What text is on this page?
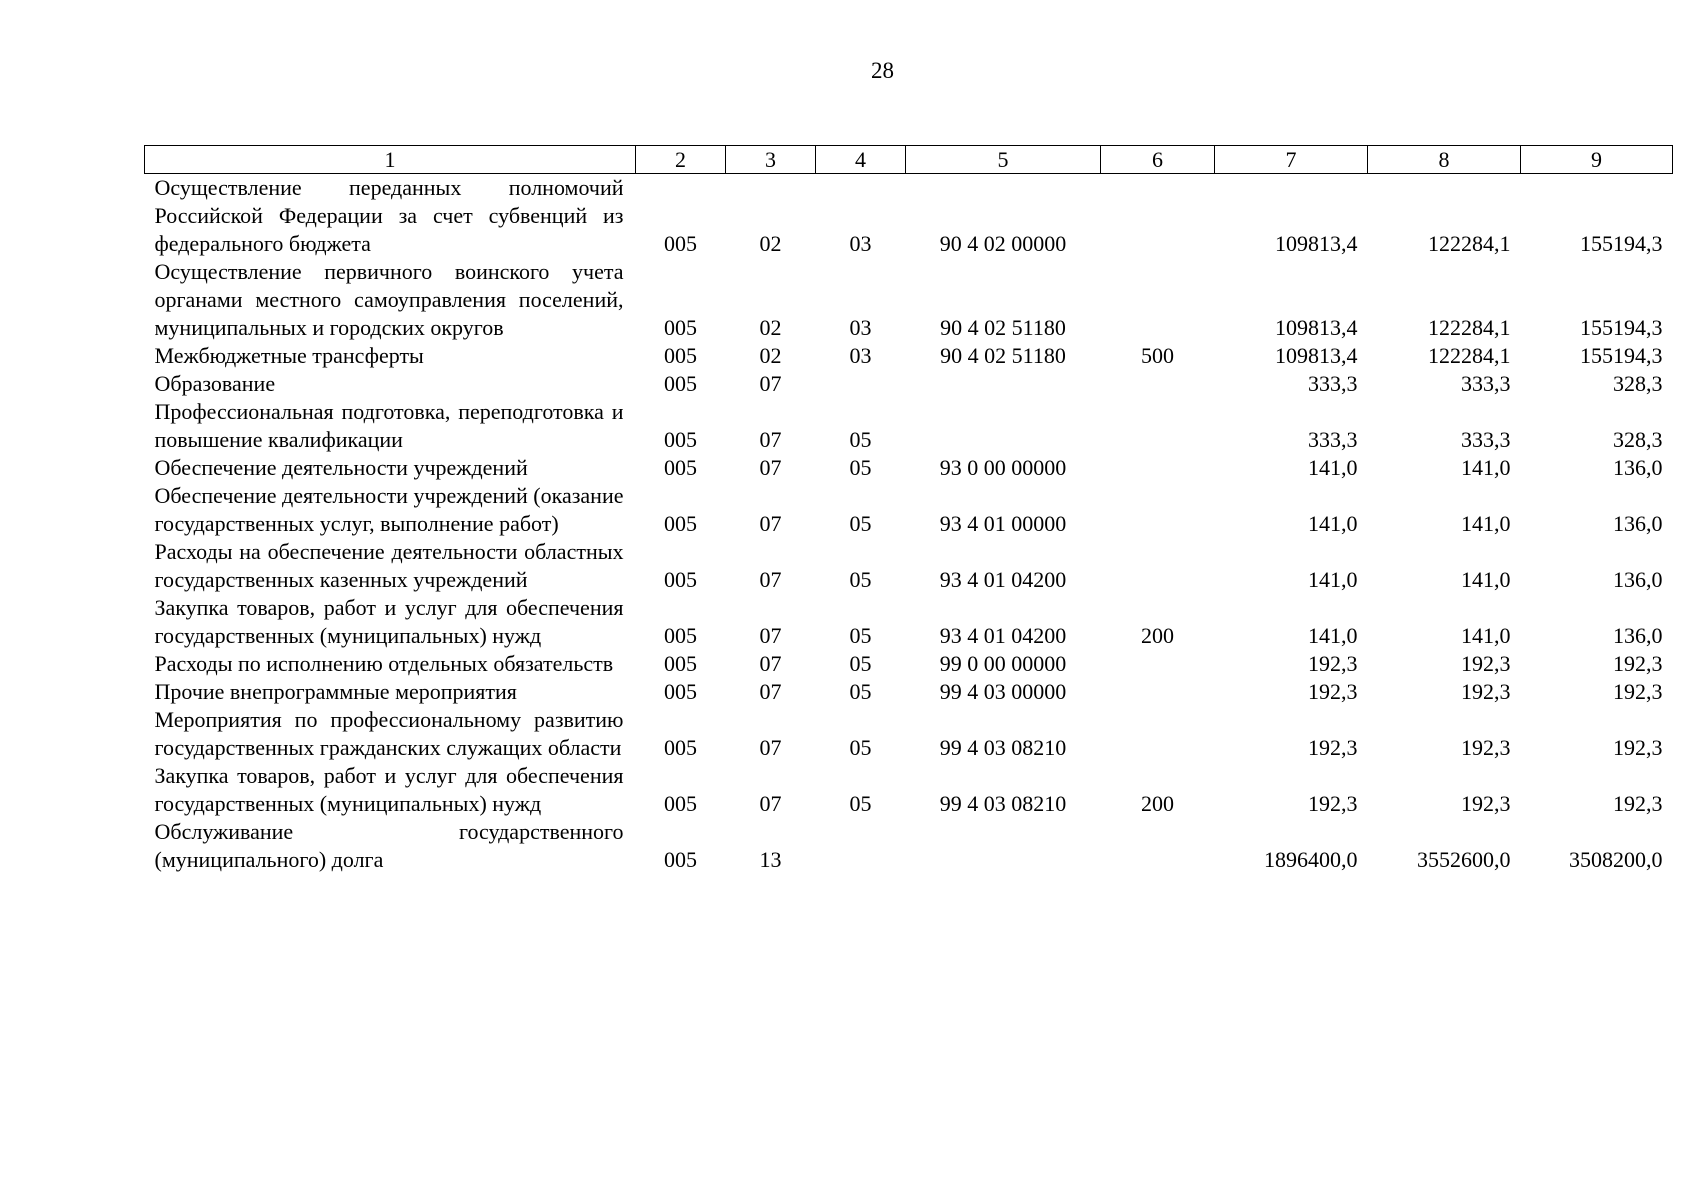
28
1	2	3	4	5	6	7	8	9
Осуществление переданных полномочий Российской Федерации за счет субвенций из федерального бюджета	005	02	03	90 4 02 00000		109813,4	122284,1	155194,3
Осуществление первичного воинского учета органами местного самоуправления поселений, муниципальных и городских округов	005	02	03	90 4 02 51180		109813,4	122284,1	155194,3
Межбюджетные трансферты	005	02	03	90 4 02 51180	500	109813,4	122284,1	155194,3
Образование	005	07				333,3	333,3	328,3
Профессиональная подготовка, переподготовка и повышение квалификации	005	07	05			333,3	333,3	328,3
Обеспечение деятельности учреждений	005	07	05	93 0 00 00000		141,0	141,0	136,0
Обеспечение деятельности учреждений (оказание государственных услуг, выполнение работ)	005	07	05	93 4 01 00000		141,0	141,0	136,0
Расходы на обеспечение деятельности областных государственных казенных учреждений	005	07	05	93 4 01 04200		141,0	141,0	136,0
Закупка товаров, работ и услуг для обеспечения государственных (муниципальных) нужд	005	07	05	93 4 01 04200	200	141,0	141,0	136,0
Расходы по исполнению отдельных обязательств	005	07	05	99 0 00 00000		192,3	192,3	192,3
Прочие внепрограммные мероприятия	005	07	05	99 4 03 00000		192,3	192,3	192,3
Мероприятия по профессиональному развитию государственных гражданских служащих области	005	07	05	99 4 03 08210		192,3	192,3	192,3
Закупка товаров, работ и услуг для обеспечения государственных (муниципальных) нужд	005	07	05	99 4 03 08210	200	192,3	192,3	192,3
Обслуживание государственного (муниципального) долга	005	13				1896400,0	3552600,0	3508200,0
